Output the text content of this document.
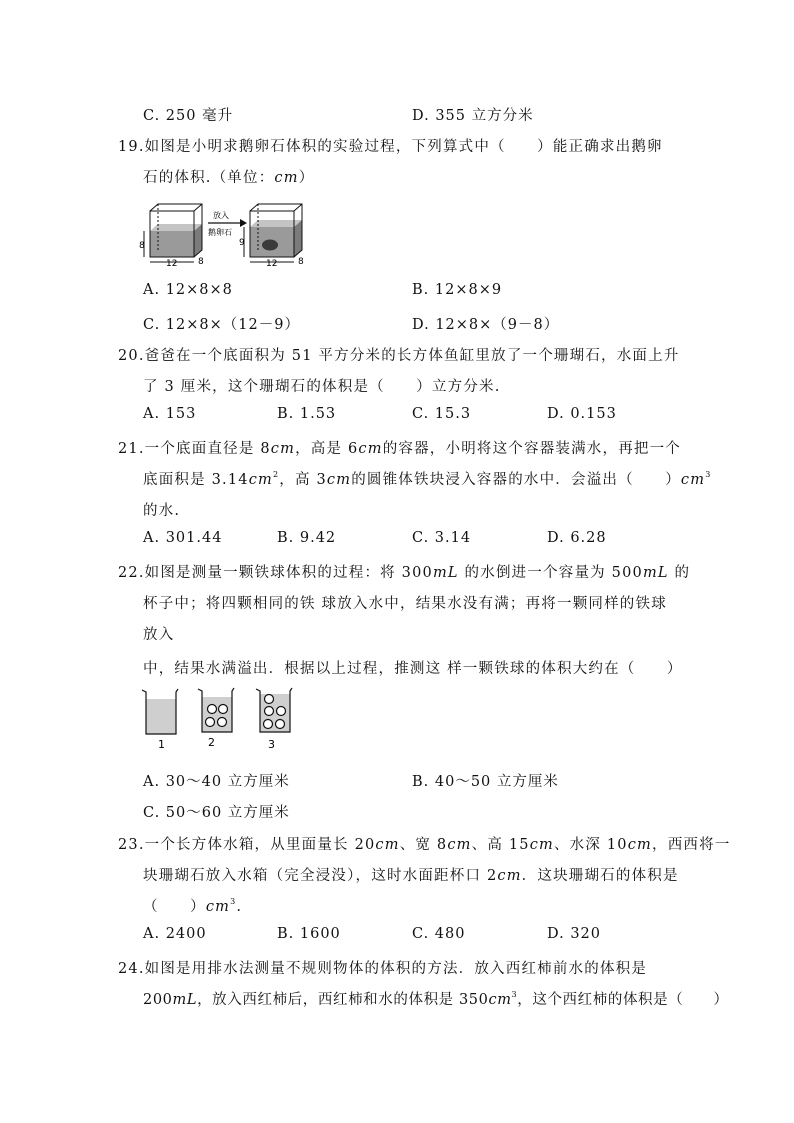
C. 250 毫升	D. 355 立方分米
19.如图是小明求鹅卵石体积的实验过程，下列算式中（　　）能正确求出鹅卵
石的体积.（单位：cm）
8
12 8
放入
鹅卵石
9
12 8
A. 12×8×8	B. 12×8×9
C. 12×8×（12－9）	D. 12×8×（9－8）
20.爸爸在一个底面积为 51 平方分米的长方体鱼缸里放了一个珊瑚石，水面上升
了 3 厘米，这个珊瑚石的体积是（　　）立方分米.
A. 153	B. 1.53	C. 15.3	D. 0.153
21.一个底面直径是 8cm，高是 6cm的容器，小明将这个容器装满水，再把一个
底面积是 $3.14cm^2$，高 3cm的圆锥体铁块浸入容器的水中．会溢出（　　）$cm^3$
的水.
A. 301.44	B. 9.42	C. 3.14	D. 6.28
22.如图是测量一颗铁球体积的过程：将 300mL 的水倒进一个容量为 500mL 的
杯子中；将四颗相同的铁 球放入水中，结果水没有满；再将一颗同样的铁球
放入
中，结果水满溢出．根据以上过程，推测这 样一颗铁球的体积大约在（　　）
1	2	3
A. 30～40 立方厘米	B. 40～50 立方厘米
C. 50～60 立方厘米
23.一个长方体水箱，从里面量长 20cm、宽 8cm、高 15cm、水深 10cm，西西将一
块珊瑚石放入水箱（完全浸没），这时水面距杯口 2cm．这块珊瑚石的体积是
（　　）$cm^3$.
A. 2400	B. 1600	C. 480	D. 320
24.如图是用排水法测量不规则物体的体积的方法．放入西红柿前水的体积是
200mL，放入西红柿后，西红柿和水的体积是 $350cm^3$，这个西红柿的体积是（　　）
